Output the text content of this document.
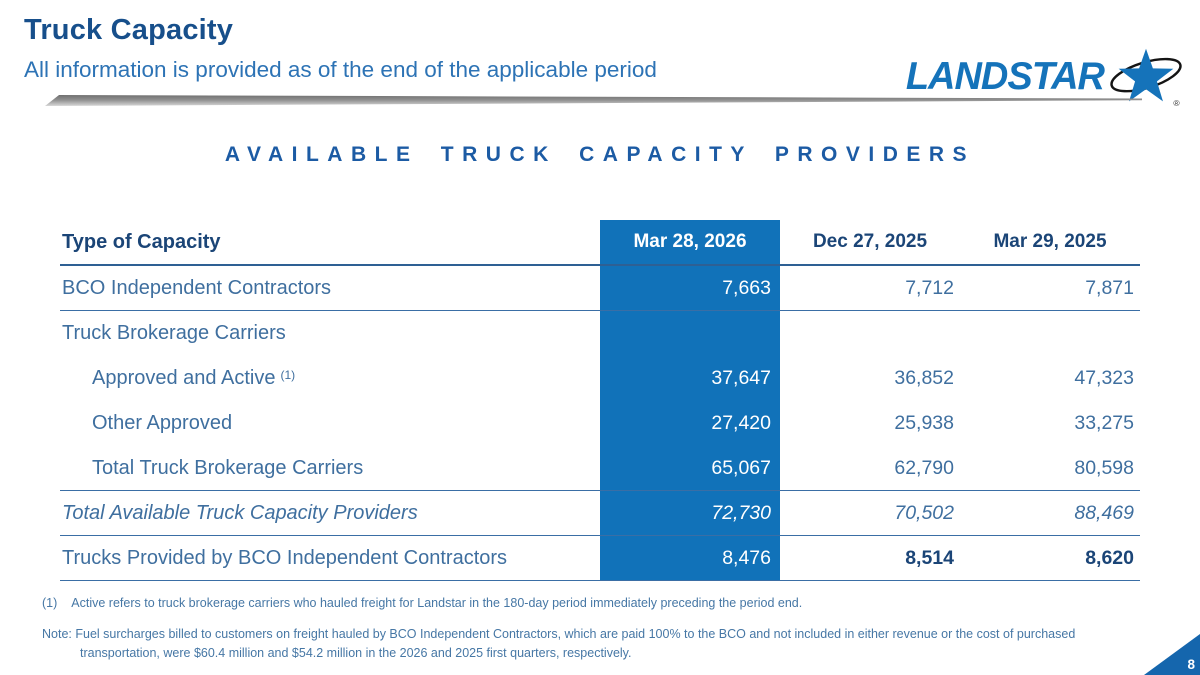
Truck Capacity
All information is provided as of the end of the applicable period	LANDSTAR
®
AVAILABLE TRUCK CAPACITY PROVIDERS
Type of Capacity	Mar 28, 2026	Dec 27, 2025	Mar 29, 2025
BCO Independent Contractors	7,663	7,712	7,871
Truck Brokerage Carriers
Approved and Active $^{(1)}$	37,647	36,852	47,323
Other Approved	27,420	25,938	33,275
Total Truck Brokerage Carriers	65,067	62,790	80,598
Total Available Truck Capacity Providers	72,730	70,502	88,469
Trucks Provided by BCO Independent Contractors	8,476	8,514	8,620
(1) Active refers to truck brokerage carriers who hauled freight for Landstar in the 180-day period immediately preceding the period end.
Note: Fuel surcharges billed to customers on freight hauled by BCO Independent Contractors, which are paid 100% to the BCO and not included in either revenue or the cost of purchased transportation, were $60.4 million and $54.2 million in the 2026 and 2025 first quarters, respectively.
8
